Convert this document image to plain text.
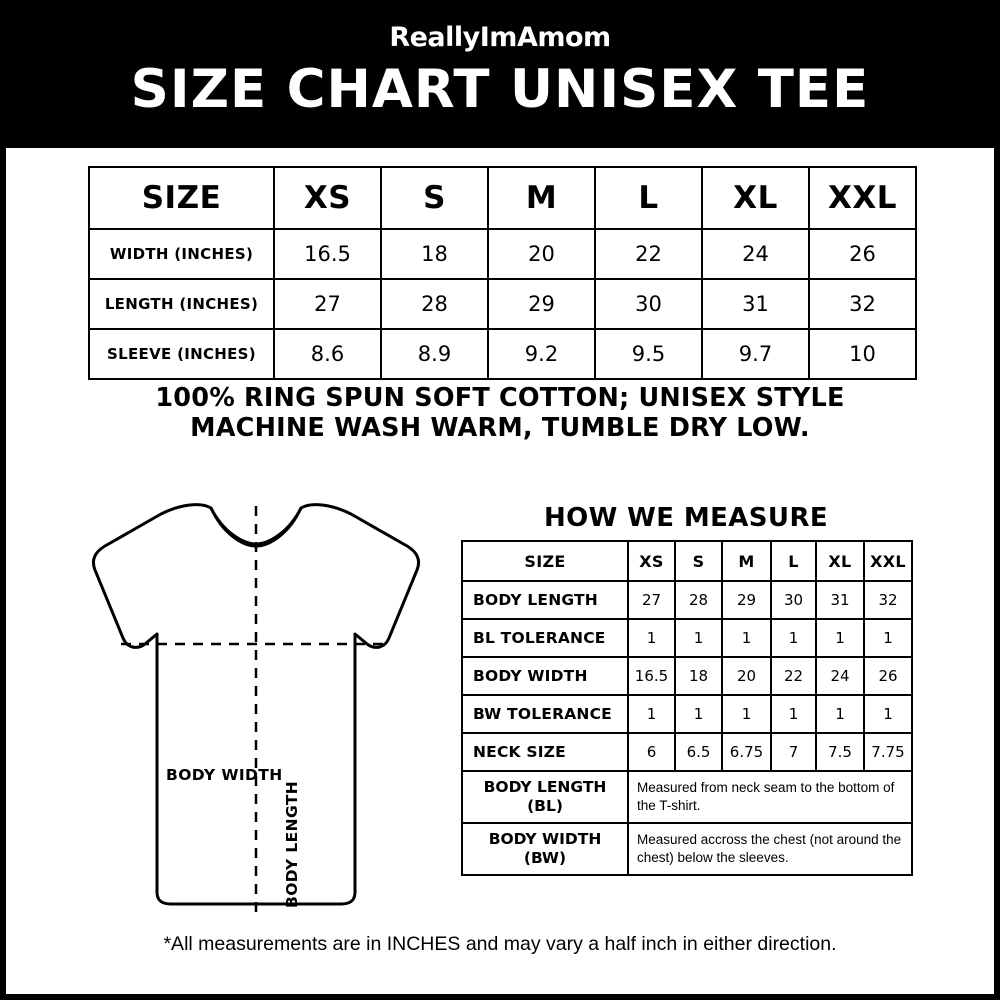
ReallyImAmom
SIZE CHART UNISEX TEE
SIZE	XS	S	M	L	XL	XXL
WIDTH (INCHES)	16.5	18	20	22	24	26
LENGTH (INCHES)	27	28	29	30	31	32
SLEEVE (INCHES)	8.6	8.9	9.2	9.5	9.7	10
100% RING SPUN SOFT COTTON; UNISEX STYLE
MACHINE WASH WARM, TUMBLE DRY LOW.
BODY WIDTH
BODY LENGTH
HOW WE MEASURE
SIZE	XS	S	M	L	XL	XXL
BODY LENGTH	27	28	29	30	31	32
BL TOLERANCE	1	1	1	1	1	1
BODY WIDTH	16.5	18	20	22	24	26
BW TOLERANCE	1	1	1	1	1	1
NECK SIZE	6	6.5	6.75	7	7.5	7.75
BODY LENGTH
(BL)	Measured from neck seam to the bottom of the T-shirt.					
BODY WIDTH
(BW)	Measured accross the chest (not around the chest) below the sleeves.					
*All measurements are in INCHES and may vary a half inch in either direction.
